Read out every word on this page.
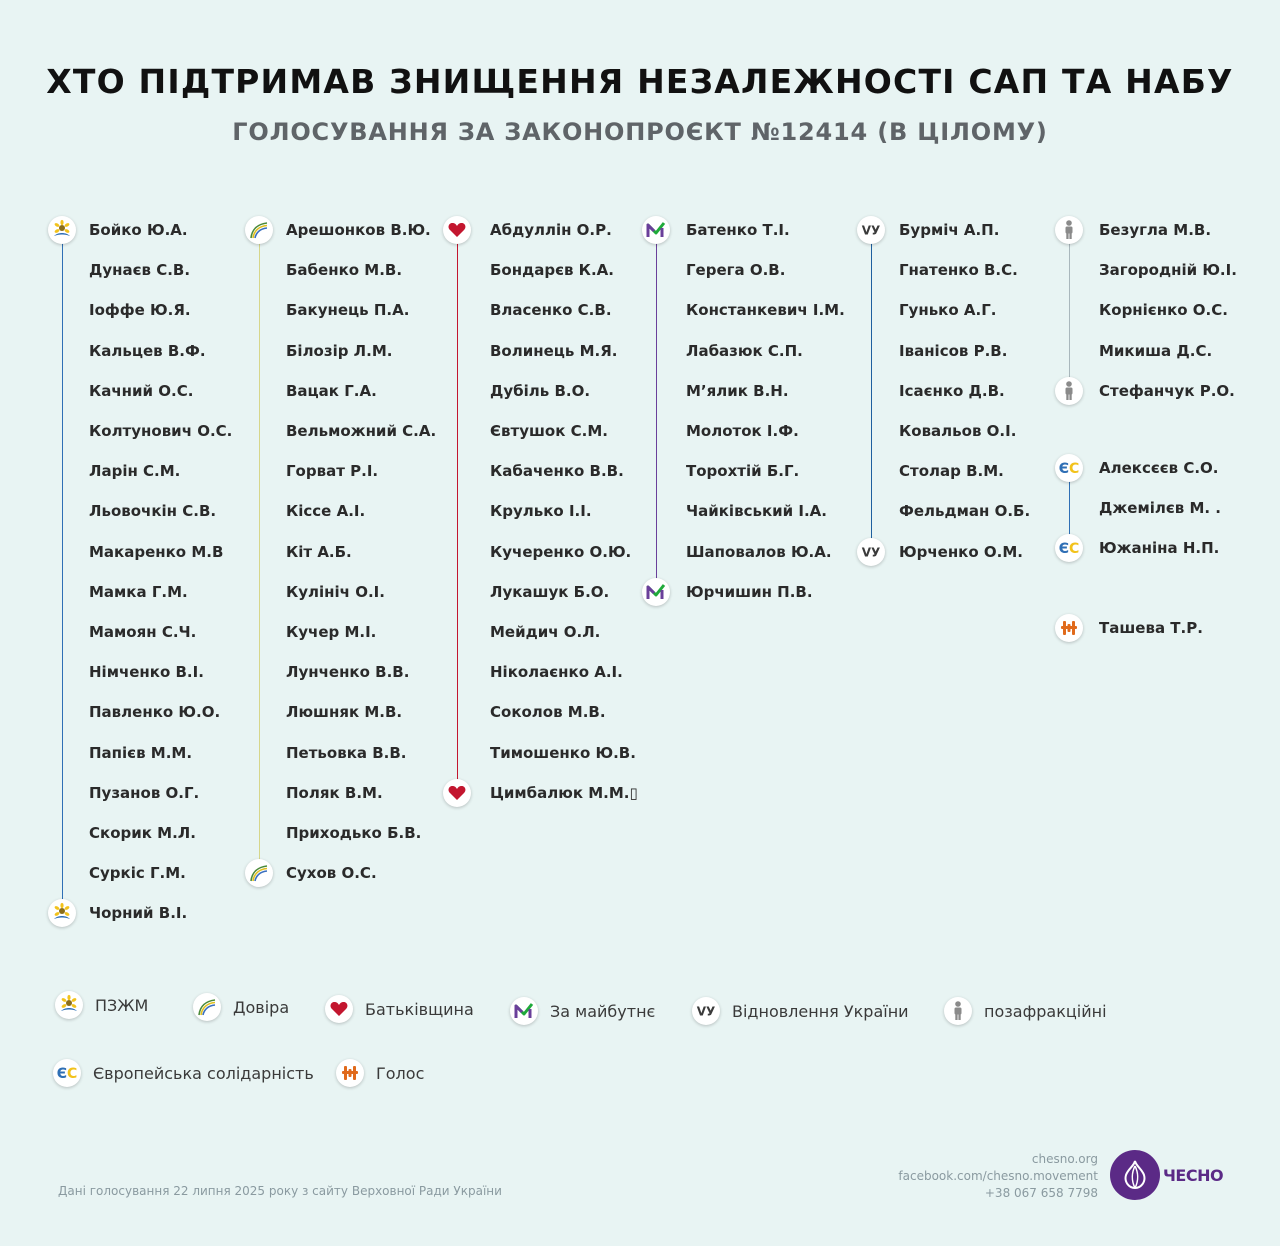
ХТО ПІДТРИМАВ ЗНИЩЕННЯ НЕЗАЛЕЖНОСТІ САП ТА НАБУ
ГОЛОСУВАННЯ ЗА ЗАКОНОПРОЄКТ №12414 (В ЦІЛОМУ)
Бойко Ю.А.
Дунаєв С.В.
Іоффе Ю.Я.
Кальцев В.Ф.
Качний О.С.
Колтунович О.С.
Ларін С.М.
Льовочкін С.В.
Макаренко М.В
Мамка Г.М.
Мамоян С.Ч.
Німченко В.І.
Павленко Ю.О.
Папієв М.М.
Пузанов О.Г.
Скорик М.Л.
Суркіс Г.М.
Чорний В.І.
Арешонков В.Ю.
Бабенко М.В.
Бакунець П.А.
Білозір Л.М.
Вацак Г.А.
Вельможний С.А.
Горват Р.І.
Кіссе А.І.
Кіт А.Б.
Кулініч О.І.
Кучер М.І.
Лунченко В.В.
Люшняк М.В.
Петьовка В.В.
Поляк В.М.
Приходько Б.В.
Сухов О.С.
Абдуллін О.Р.
Бондарєв К.А.
Власенко С.В.
Волинець М.Я.
Дубіль В.О.
Євтушок С.М.
Кабаченко В.В.
Крулько І.І.
Кучеренко О.Ю.
Лукашук Б.О.
Мейдич О.Л.
Ніколаєнко А.І.
Соколов М.В.
Тимошенко Ю.В.
Цимбалюк М.М.▯
Батенко Т.І.
Герега О.В.
Констанкевич І.М.
Лабазюк С.П.
М’ялик В.Н.
Молоток І.Ф.
Торохтій Б.Г.
Чайківський І.А.
Шаповалов Ю.А.
Юрчишин П.В.
VУ
VУ
Бурміч А.П.
Гнатенко В.С.
Гунько А.Г.
Іванісов Р.В.
Ісаєнко Д.В.
Ковальов О.І.
Столар В.М.
Фельдман О.Б.
Юрченко О.М.
Безугла М.В.
Загородній Ю.І.
Корнієнко О.С.
Микиша Д.С.
Стефанчук Р.О.
ЄС
ЄС
Алексєєв С.О.
Джемілєв М. .
Южаніна Н.П.
Ташева Т.Р.
ПЗЖМ	Довіра	Батьківщина	За майбутнє	VУ Відновлення України	позафракційні
ЄС Європейська солідарність	Голос
Дані голосування 22 липня 2025 року з сайту Верховної Ради України
chesno.org
facebook.com/chesno.movement
+38 067 658 7798
ЧЕСНО
